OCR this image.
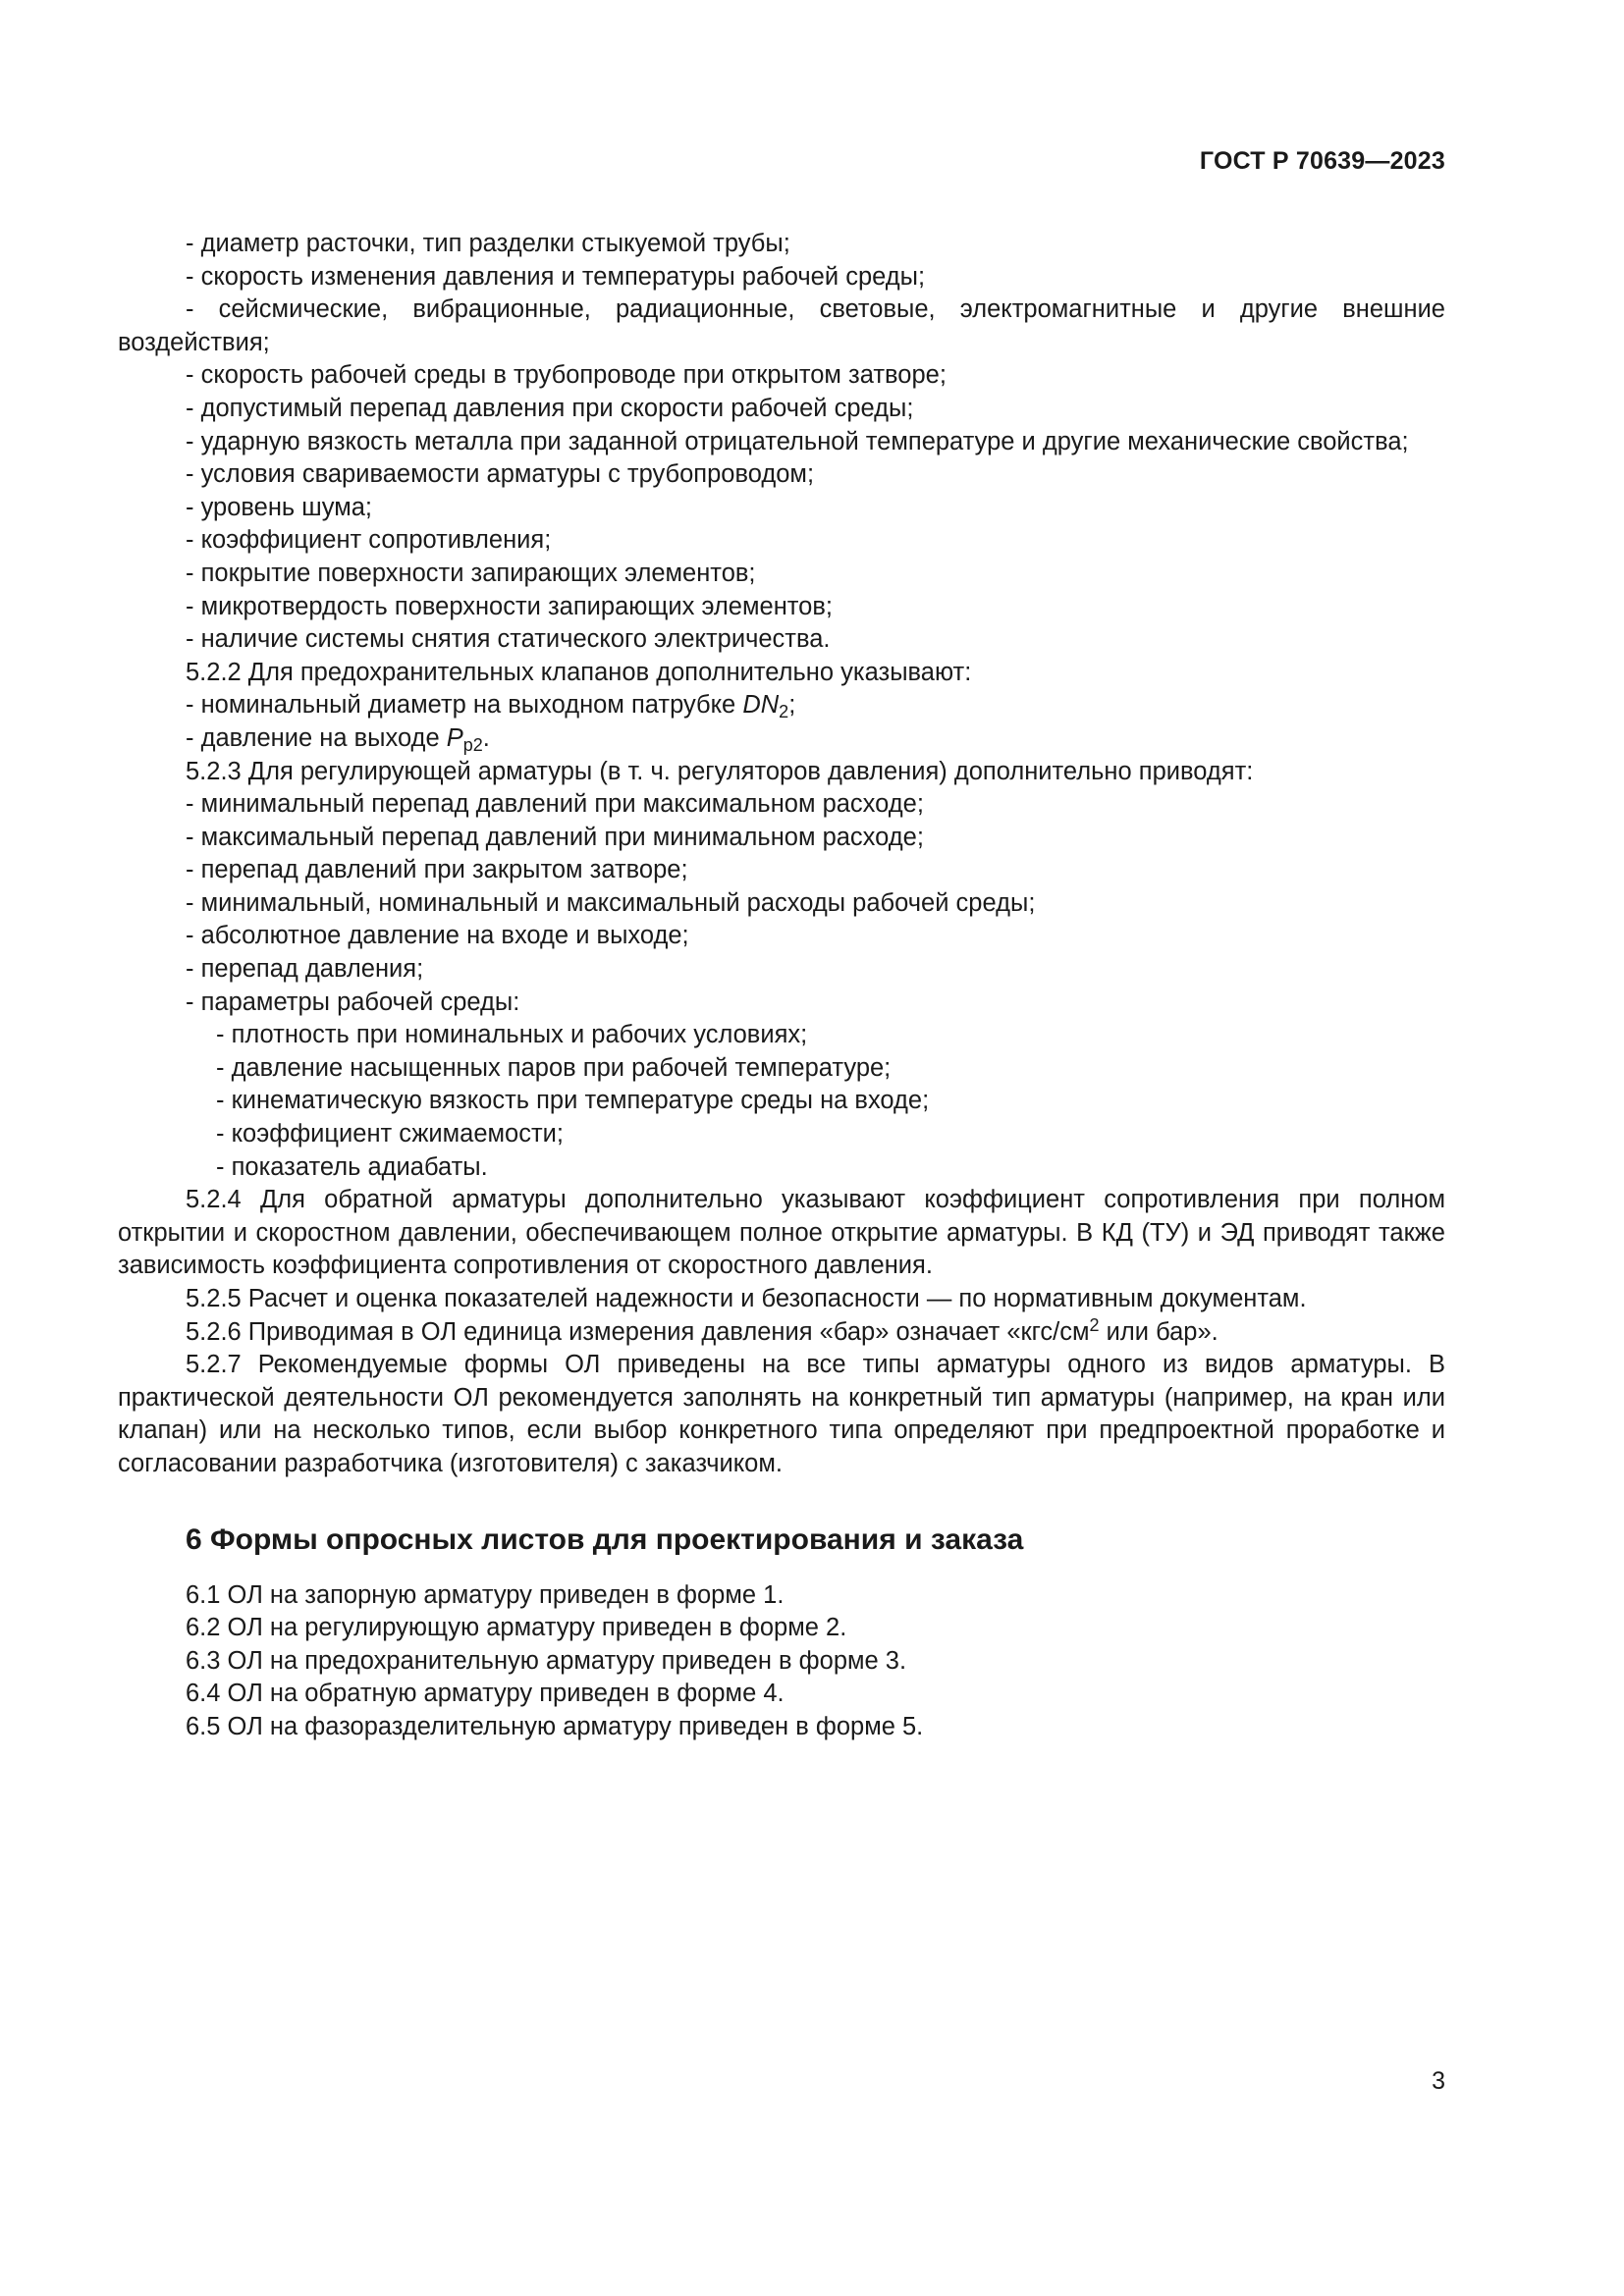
ГОСТ Р 70639—2023

- диаметр расточки, тип разделки стыкуемой трубы;

- скорость изменения давления и температуры рабочей среды;

- сейсмические, вибрационные, радиационные, световые, электромагнитные и другие внешние воздействия;

- скорость рабочей среды в трубопроводе при открытом затворе;

- допустимый перепад давления при скорости рабочей среды;

- ударную вязкость металла при заданной отрицательной температуре и другие механические свойства;

- условия свариваемости арматуры с трубопроводом;

- уровень шума;

- коэффициент сопротивления;

- покрытие поверхности запирающих элементов;

- микротвердость поверхности запирающих элементов;

- наличие системы снятия статического электричества.

5.2.2 Для предохранительных клапанов дополнительно указывают:

- номинальный диаметр на выходном патрубке $DN_2$;

- давление на выходе $P_{p2}$.

5.2.3 Для регулирующей арматуры (в т. ч. регуляторов давления) дополнительно приводят:

- минимальный перепад давлений при максимальном расходе;

- максимальный перепад давлений при минимальном расходе;

- перепад давлений при закрытом затворе;

- минимальный, номинальный и максимальный расходы рабочей среды;

- абсолютное давление на входе и выходе;

- перепад давления;

- параметры рабочей среды:

- плотность при номинальных и рабочих условиях;

- давление насыщенных паров при рабочей температуре;

- кинематическую вязкость при температуре среды на входе;

- коэффициент сжимаемости;

- показатель адиабаты.

5.2.4 Для обратной арматуры дополнительно указывают коэффициент сопротивления при полном открытии и скоростном давлении, обеспечивающем полное открытие арматуры. В КД (ТУ) и ЭД приводят также зависимость коэффициента сопротивления от скоростного давления.

5.2.5 Расчет и оценка показателей надежности и безопасности — по нормативным документам.

5.2.6 Приводимая в ОЛ единица измерения давления «бар» означает «$кгс/см^2$ или бар».

5.2.7 Рекомендуемые формы ОЛ приведены на все типы арматуры одного из видов арматуры. В практической деятельности ОЛ рекомендуется заполнять на конкретный тип арматуры (например, на кран или клапан) или на несколько типов, если выбор конкретного типа определяют при предпроектной проработке и согласовании разработчика (изготовителя) с заказчиком.

6 Формы опросных листов для проектирования и заказа

6.1 ОЛ на запорную арматуру приведен в форме 1.

6.2 ОЛ на регулирующую арматуру приведен в форме 2.

6.3 ОЛ на предохранительную арматуру приведен в форме 3.

6.4 ОЛ на обратную арматуру приведен в форме 4.

6.5 ОЛ на фазоразделительную арматуру приведен в форме 5.

3
